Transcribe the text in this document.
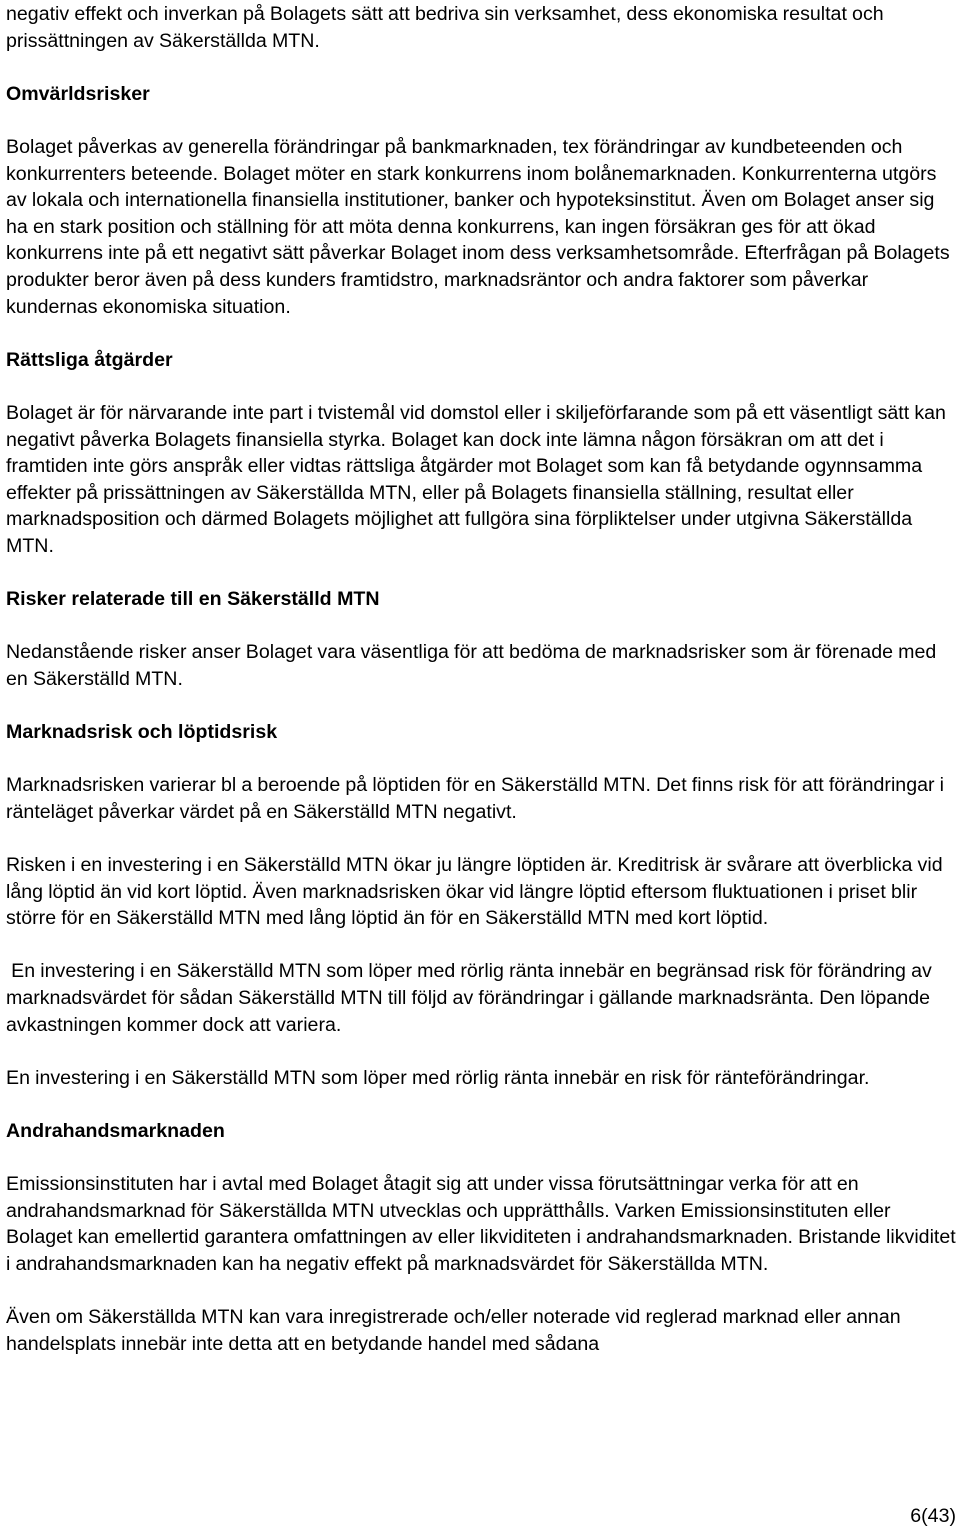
negativ effekt och inverkan på Bolagets sätt att bedriva sin verksamhet, dess ekonomiska resultat och prissättningen av Säkerställda MTN.

Omvärldsrisker

Bolaget påverkas av generella förändringar på bankmarknaden, tex förändringar av kundbeteenden och konkurrenters beteende. Bolaget möter en stark konkurrens inom bolånemarknaden. Konkurrenterna utgörs av lokala och internationella finansiella institutioner, banker och hypoteksinstitut. Även om Bolaget anser sig ha en stark position och ställning för att möta denna konkurrens, kan ingen försäkran ges för att ökad konkurrens inte på ett negativt sätt påverkar Bolaget inom dess verksamhetsområde. Efterfrågan på Bolagets produkter beror även på dess kunders framtidstro, marknadsräntor och andra faktorer som påverkar kundernas ekonomiska situation.

Rättsliga åtgärder

Bolaget är för närvarande inte part i tvistemål vid domstol eller i skiljeförfarande som på ett väsentligt sätt kan negativt påverka Bolagets finansiella styrka. Bolaget kan dock inte lämna någon försäkran om att det i framtiden inte görs anspråk eller vidtas rättsliga åtgärder mot Bolaget som kan få betydande ogynnsamma effekter på prissättningen av Säkerställda MTN, eller på Bolagets finansiella ställning, resultat eller marknadsposition och därmed Bolagets möjlighet att fullgöra sina förpliktelser under utgivna Säkerställda MTN.

Risker relaterade till en Säkerställd MTN

Nedanstående risker anser Bolaget vara väsentliga för att bedöma de marknadsrisker som är förenade med en Säkerställd MTN.

Marknadsrisk och löptidsrisk

Marknadsrisken varierar bl a beroende på löptiden för en Säkerställd MTN. Det finns risk för att förändringar i ränteläget påverkar värdet på en Säkerställd MTN negativt.

Risken i en investering i en Säkerställd MTN ökar ju längre löptiden är. Kreditrisk är svårare att överblicka vid lång löptid än vid kort löptid. Även marknadsrisken ökar vid längre löptid eftersom fluktuationen i priset blir större för en Säkerställd MTN med lång löptid än för en Säkerställd MTN med kort löptid.

En investering i en Säkerställd MTN som löper med rörlig ränta innebär en begränsad risk för förändring av marknadsvärdet för sådan Säkerställd MTN till följd av förändringar i gällande marknadsränta. Den löpande avkastningen kommer dock att variera.

En investering i en Säkerställd MTN som löper med rörlig ränta innebär en risk för ränteförändringar.

Andrahandsmarknaden

Emissionsinstituten har i avtal med Bolaget åtagit sig att under vissa förutsättningar verka för att en andrahandsmarknad för Säkerställda MTN utvecklas och upprätthålls. Varken Emissionsinstituten eller Bolaget kan emellertid garantera omfattningen av eller likviditeten i andrahandsmarknaden. Bristande likviditet i andrahandsmarknaden kan ha negativ effekt på marknadsvärdet för Säkerställda MTN.

Även om Säkerställda MTN kan vara inregistrerade och/eller noterade vid reglerad marknad eller annan handelsplats innebär inte detta att en betydande handel med sådana

6(43)
